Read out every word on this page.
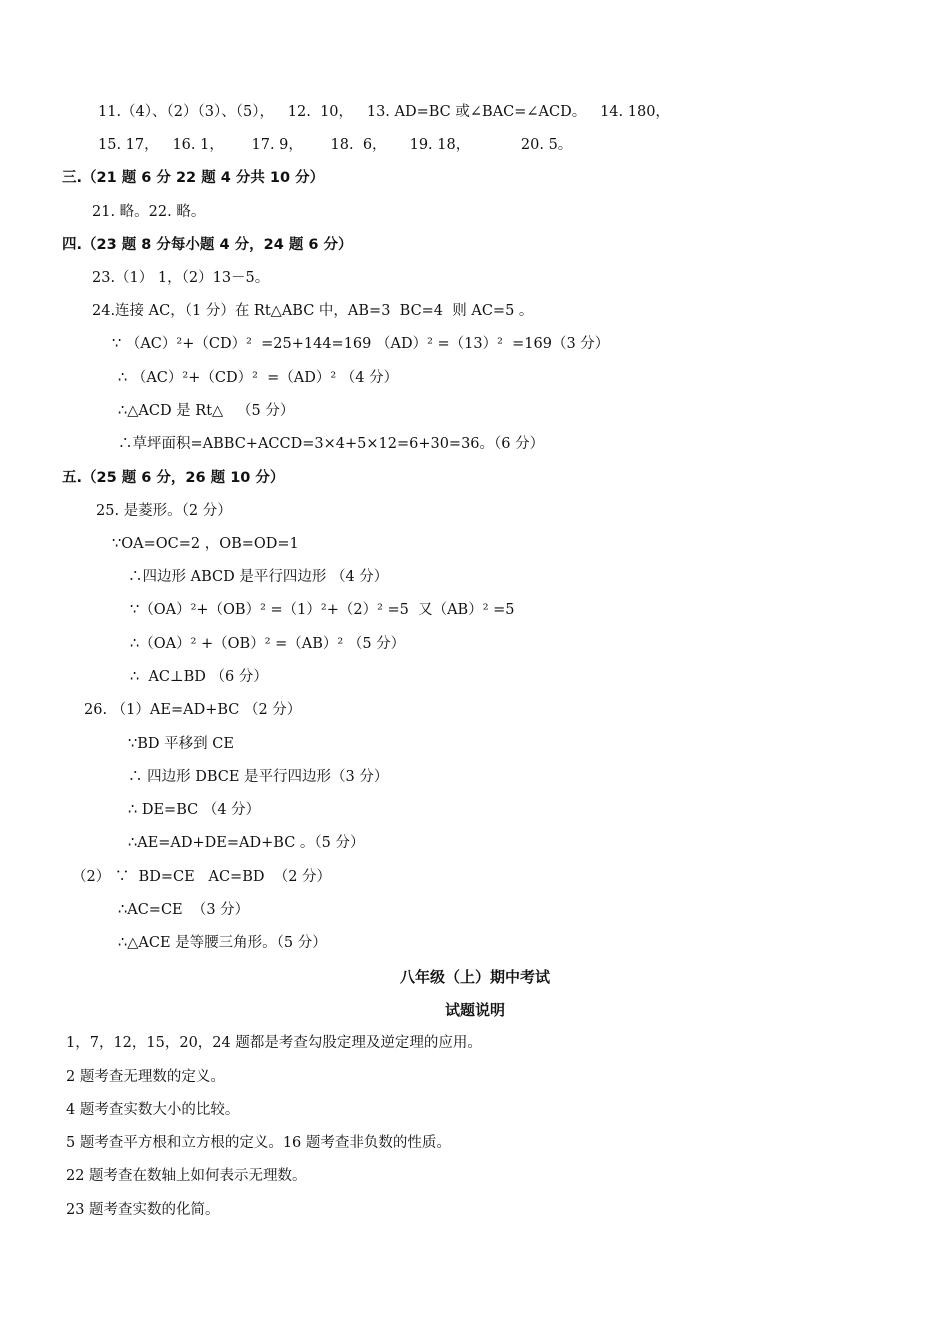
11.（4）、（2）（3）、（5），   12.  10，   13. AD=BC 或∠BAC=∠ACD。   14. 180，
15. 17，   16. 1，      17. 9，      18.  6，     19. 18，           20. 5。
三.（21 题 6 分 22 题 4 分共 10 分）
21. 略。22. 略。
四.（23 题 8 分每小题 4 分，24 题 6 分）
23.（1） 1，（2）13－5。
24.连接 AC，（1 分）在 Rt△ABC 中，AB=3  BC=4  则 AC=5 。
∵ （AC）²+（CD）²  =25+144=169 （AD）² =（13）²  =169（3 分）
∴ （AC）²+（CD）²  =（AD）² （4 分）
∴△ACD 是 Rt△   （5 分）
∴草坪面积=ABBC+ACCD=3×4+5×12=6+30=36。（6 分）
五.（25 题 6 分，26 题 10 分）
25. 是菱形。（2 分）
∵OA=OC=2 ，OB=OD=1
∴四边形 ABCD 是平行四边形 （4 分）
∵（OA）²+（OB）² =（1）²+（2）² =5  又（AB）² =5
∴（OA）² +（OB）² =（AB）² （5 分）
∴  AC⊥BD （6 分）
26. （1）AE=AD+BC （2 分）
∵BD 平移到 CE
∴ 四边形 DBCE 是平行四边形（3 分）
∴ DE=BC （4 分）
∴AE=AD+DE=AD+BC 。（5 分）
（2） ∵  BD=CE   AC=BD  （2 分）
∴AC=CE  （3 分）
∴△ACE 是等腰三角形。（5 分）
八年级（上）期中考试
试题说明
1，7，12，15，20，24 题都是考查勾股定理及逆定理的应用。
2 题考查无理数的定义。
4 题考查实数大小的比较。
5 题考查平方根和立方根的定义。16 题考查非负数的性质。
22 题考查在数轴上如何表示无理数。
23 题考查实数的化简。
